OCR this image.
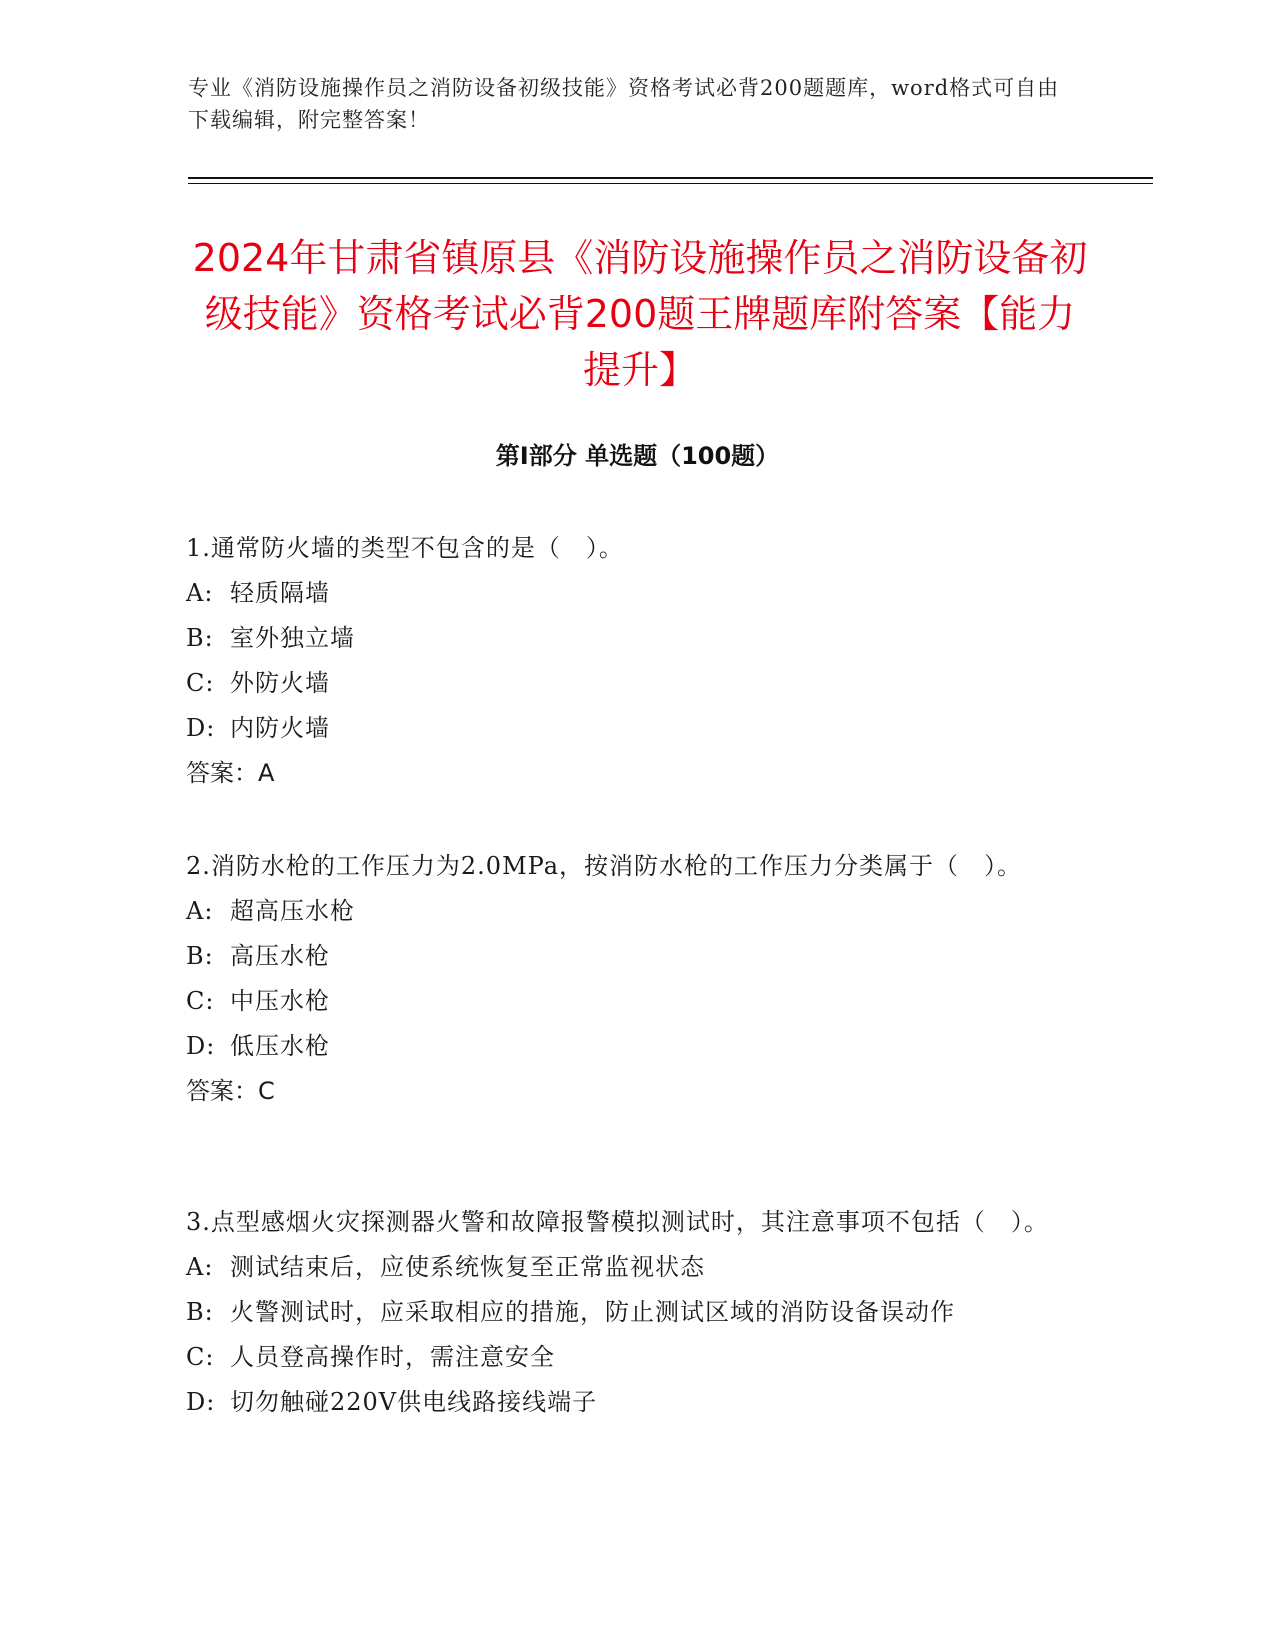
专业《消防设施操作员之消防设备初级技能》资格考试必背200题题库，word格式可自由下载编辑，附完整答案！
2024年甘肃省镇原县《消防设施操作员之消防设备初级技能》资格考试必背200题王牌题库附答案【能力提升】
第I部分 单选题（100题）
1.通常防火墙的类型不包含的是（　）。
A: 轻质隔墙
B: 室外独立墙
C: 外防火墙
D: 内防火墙
答案：A
2.消防水枪的工作压力为2.0MPa，按消防水枪的工作压力分类属于（　）。
A: 超高压水枪
B: 高压水枪
C: 中压水枪
D: 低压水枪
答案：C
3.点型感烟火灾探测器火警和故障报警模拟测试时，其注意事项不包括（　）。
A: 测试结束后，应使系统恢复至正常监视状态
B: 火警测试时，应采取相应的措施，防止测试区域的消防设备误动作
C: 人员登高操作时，需注意安全
D: 切勿触碰220V供电线路接线端子
